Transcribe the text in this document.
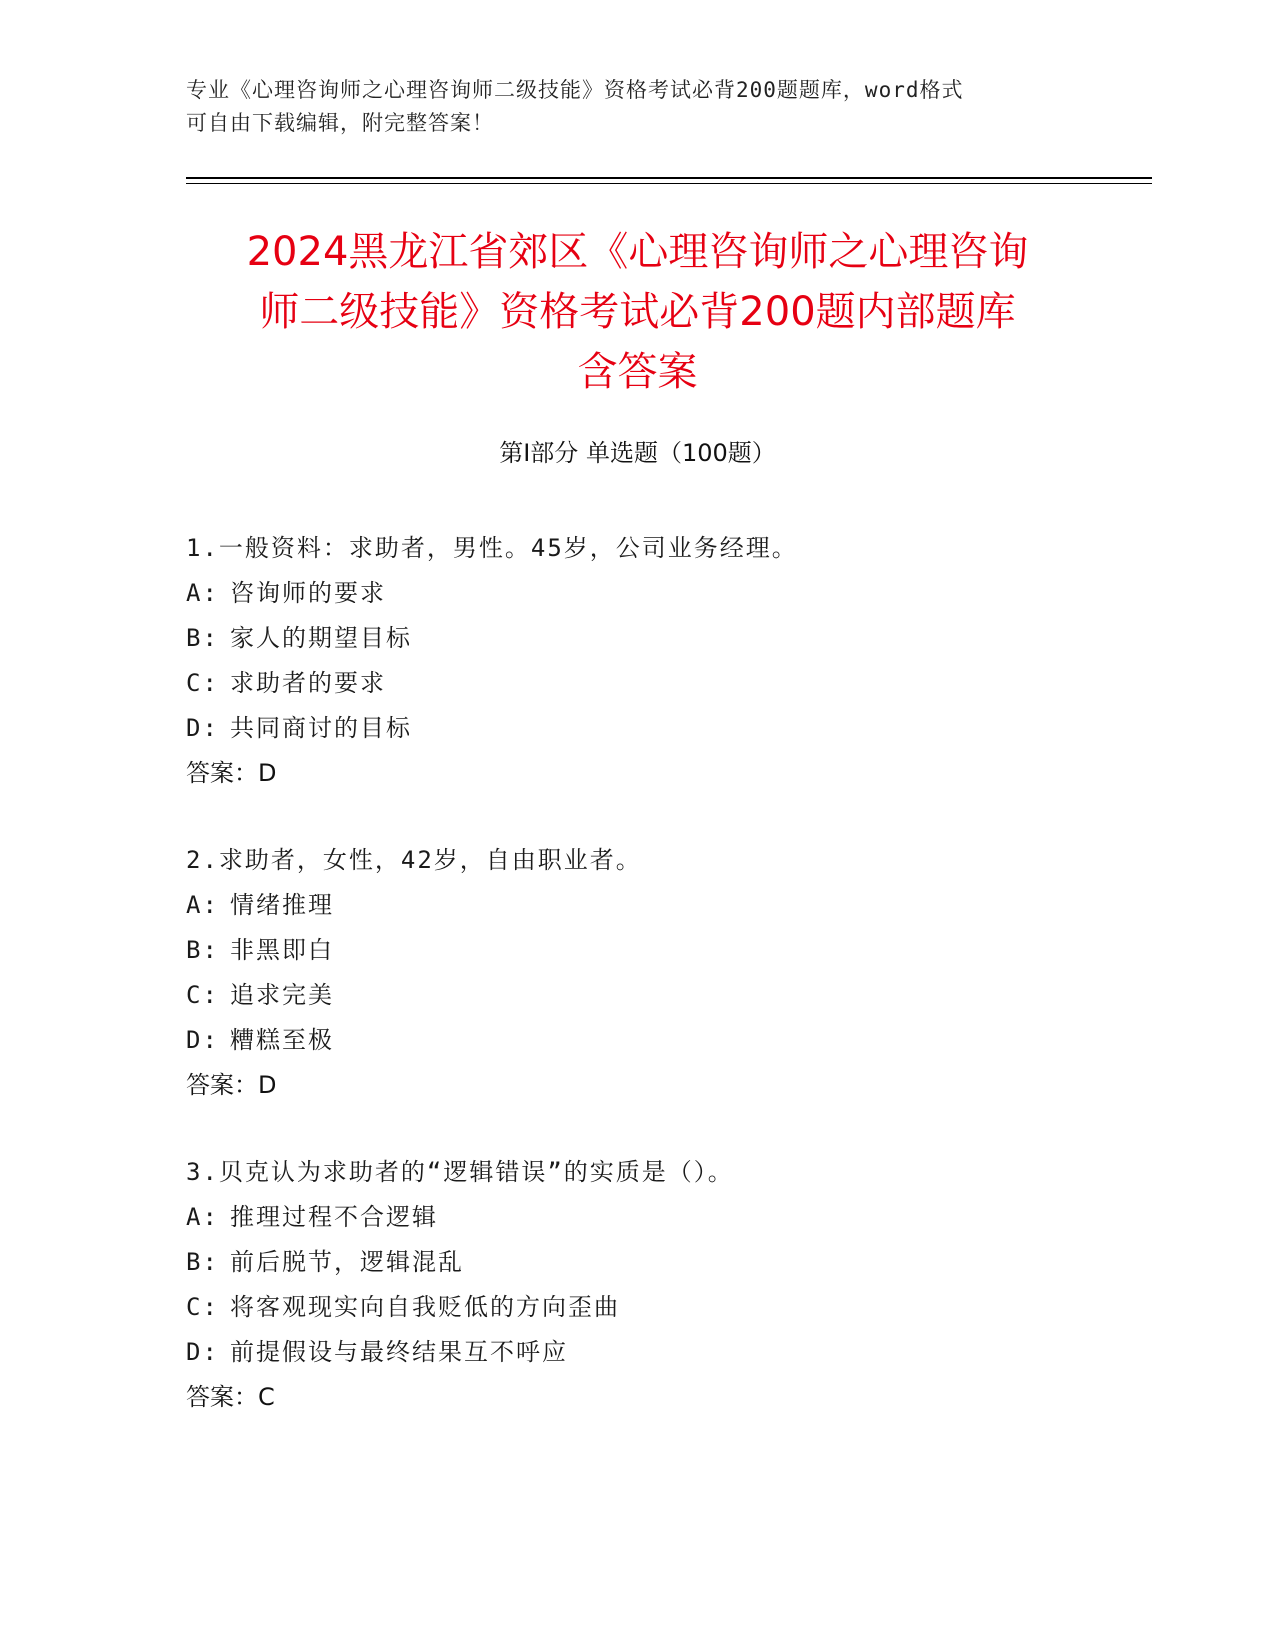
专业《心理咨询师之心理咨询师二级技能》资格考试必背200题题库，word格式
可自由下载编辑，附完整答案！
2024黑龙江省郊区《心理咨询师之心理咨询
师二级技能》资格考试必背200题内部题库
含答案
第Ⅰ部分 单选题（100题）
1.一般资料：求助者，男性。45岁，公司业务经理。
A: 咨询师的要求
B: 家人的期望目标
C: 求助者的要求
D: 共同商讨的目标
答案：D
2.求助者，女性，42岁，自由职业者。
A: 情绪推理
B: 非黑即白
C: 追求完美
D: 糟糕至极
答案：D
3.贝克认为求助者的“逻辑错误”的实质是（）。
A: 推理过程不合逻辑
B: 前后脱节，逻辑混乱
C: 将客观现实向自我贬低的方向歪曲
D: 前提假设与最终结果互不呼应
答案：C
